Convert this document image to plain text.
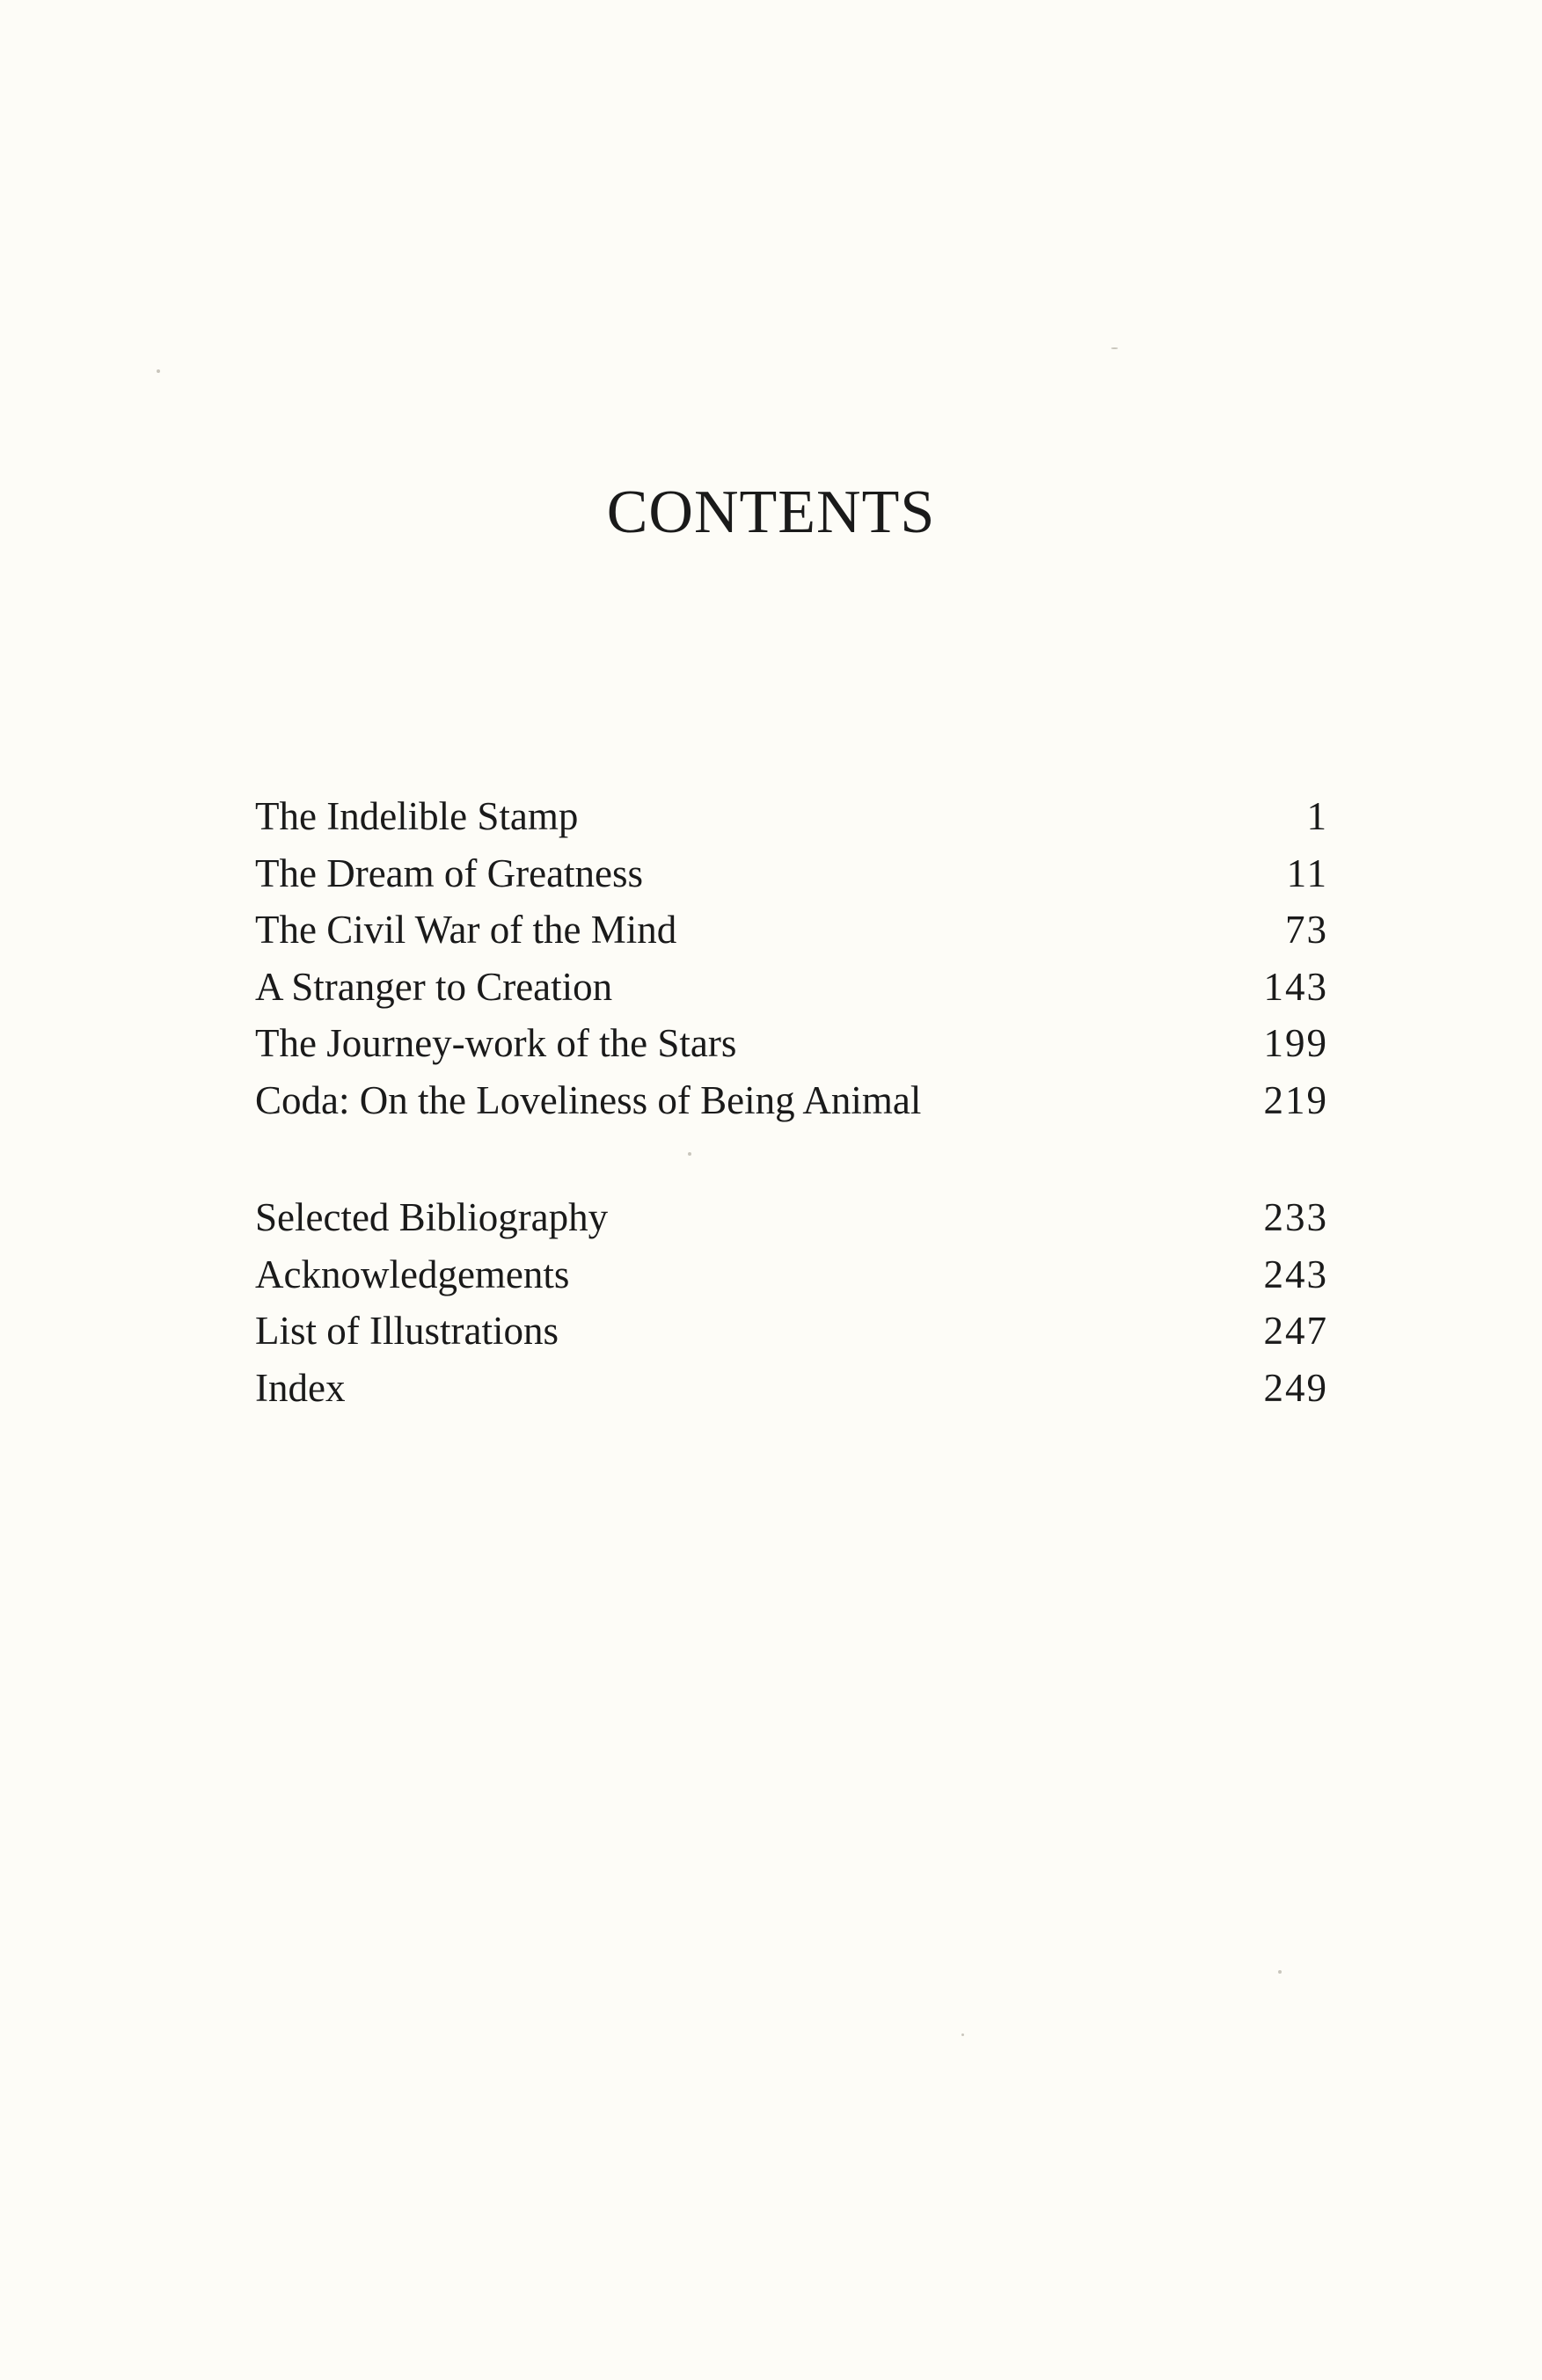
CONTENTS
The Indelible Stamp	1
The Dream of Greatness	11
The Civil War of the Mind	73
A Stranger to Creation	143
The Journey-work of the Stars	199
Coda: On the Loveliness of Being Animal	219
Selected Bibliography	233
Acknowledgements	243
List of Illustrations	247
Index	249
